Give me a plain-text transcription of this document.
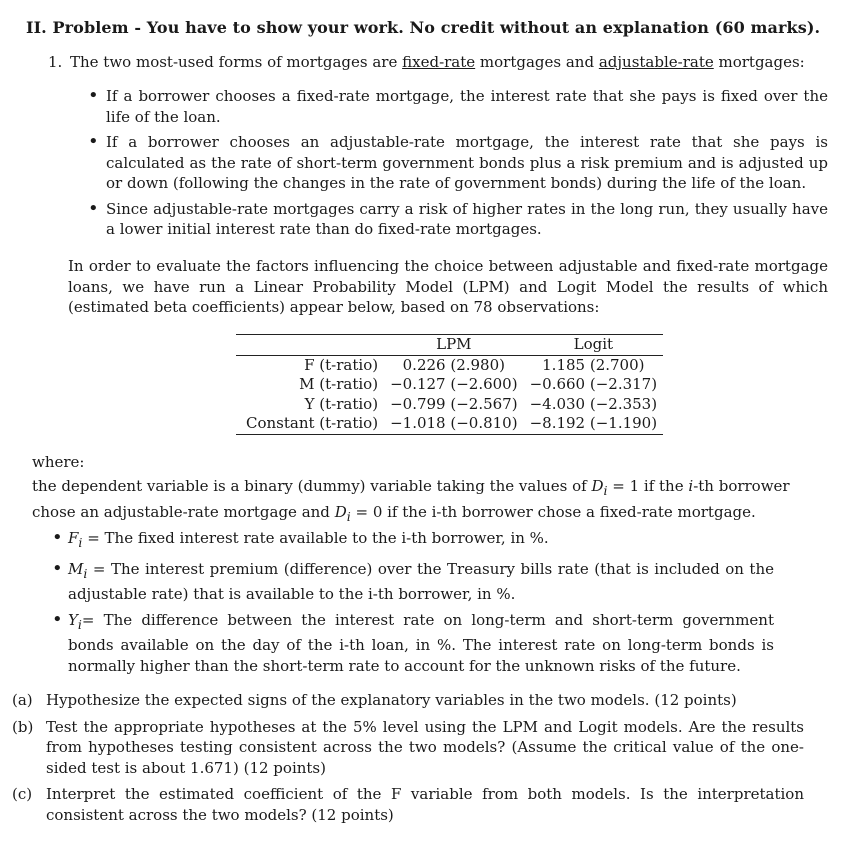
II. Problem - You have to show your work. No credit without an explanation (60 marks).
1. The two most-used forms of mortgages are fixed-rate mortgages and adjustable-rate mortgages:
• If a borrower chooses a fixed-rate mortgage, the interest rate that she pays is fixed over the life of the loan.
• If a borrower chooses an adjustable-rate mortgage, the interest rate that she pays is calculated as the rate of short-term government bonds plus a risk premium and is adjusted up or down (following the changes in the rate of government bonds) during the life of the loan.
• Since adjustable-rate mortgages carry a risk of higher rates in the long run, they usually have a lower initial interest rate than do fixed-rate mortgages.
In order to evaluate the factors influencing the choice between adjustable and fixed-rate mortgage loans, we have run a Linear Probability Model (LPM) and Logit Model the results of which (estimated beta coefficients) appear below, based on 78 observations:
	LPM	Logit
F (t-ratio)	0.226 (2.980)	1.185 (2.700)
M (t-ratio)	−0.127 (−2.600)	−0.660 (−2.317)
Y (t-ratio)	−0.799 (−2.567)	−4.030 (−2.353)
Constant (t-ratio)	−1.018 (−0.810)	−8.192 (−1.190)
where:
the dependent variable is a binary (dummy) variable taking the values of $D_i = 1$ if the i-th borrower chose an adjustable-rate mortgage and $D_i = 0$ if the i-th borrower chose a fixed-rate mortgage.
• $F_i$ = The fixed interest rate available to the i-th borrower, in %.
• $M_i$ = The interest premium (difference) over the Treasury bills rate (that is included on the adjustable rate) that is available to the i-th borrower, in %.
• $Y_i=$ The difference between the interest rate on long-term and short-term government bonds available on the day of the i-th loan, in %. The interest rate on long-term bonds is normally higher than the short-term rate to account for the unknown risks of the future.
(a) Hypothesize the expected signs of the explanatory variables in the two models. (12 points)
(b) Test the appropriate hypotheses at the 5% level using the LPM and Logit models. Are the results from hypotheses testing consistent across the two models? (Assume the critical value of the one-sided test is about 1.671) (12 points)
(c) Interpret the estimated coefficient of the F variable from both models. Is the interpretation consistent across the two models? (12 points)
